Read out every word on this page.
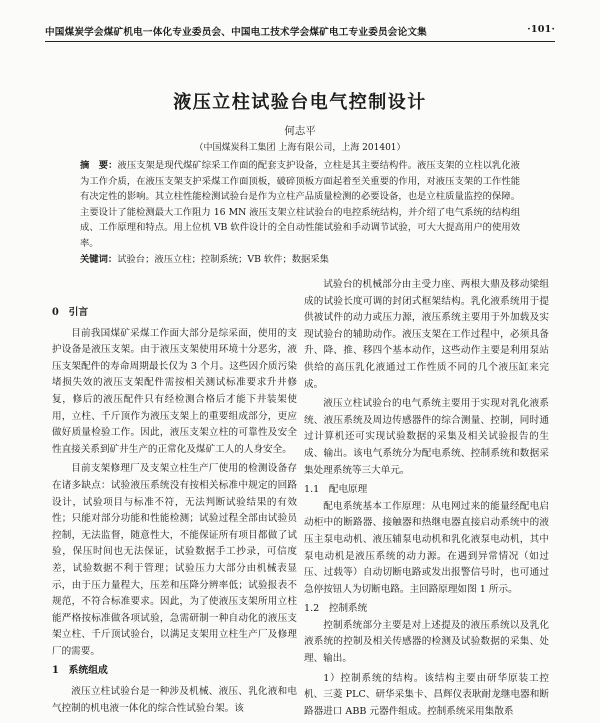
中国煤炭学会煤矿机电一体化专业委员会、中国电工技术学会煤矿电工专业委员会论文集	·101·
液压立柱试验台电气控制设计
何志平
（中国煤炭科工集团 上海有限公司，上海 201401）
摘　要：液压支架是现代煤矿综采工作面的配套支护设备，立柱是其主要结构件。液压支架的立柱以乳化液为工作介质，在液压支架支护采煤工作面顶板，破碎顶板方面起着至关重要的作用，对液压支架的工作性能有决定性的影响。其立柱性能检测试验台是作为立柱产品质量检测的必要设备，也是立柱质量监控的保障。主要设计了能检测最大工作阻力 16 MN 液压支架立柱试验台的电控系统结构，并介绍了电气系统的结构组成、工作原理和特点。用上位机 VB 软件设计的全自动性能试验和手动调节试验，可大大提高用户的使用效率。
关键词：试验台；液压立柱；控制系统；VB 软件；数据采集

0　引言

目前我国煤矿采煤工作面大部分是综采面，使用的支护设备是液压支架。由于液压支架使用环境十分恶劣，液压支架配件的寿命周期最长仅为 3 个月。这些因介质污染堵损失效的液压支架配件需按相关测试标准要求升井修复，修后的液压配件只有经检测合格后才能下井装架使用，立柱、千斤顶作为液压支架上的重要组成部分，更应做好质量检验工作。因此，液压支架立柱的可靠性及安全性直接关系到矿井生产的正常化及煤矿工人的人身安全。

目前支架修理厂及支架立柱生产厂使用的检测设备存在诸多缺点：试验液压系统没有按相关标准中规定的回路设计，试验项目与标准不符，无法判断试验结果的有效性；只能对部分功能和性能检测；试验过程全部由试验员控制，无法监督，随意性大，不能保证所有项目都做了试验，保压时间也无法保证，试验数据手工抄录，可信度差，试验数据不利于管理；试验压力大部分由机械表显示，由于压力量程大，压差和压降分辨率低；试验报表不规范，不符合标准要求。因此，为了使液压支架所用立柱能严格按标准做各项试验，急需研制一种自动化的液压支架立柱、千斤顶试验台，以满足支架用立柱生产厂及修理厂的需要。

1　系统组成

液压立柱试验台是一种涉及机械、液压、乳化液和电气控制的机电液一体化的综合性试验台架。该

试验台的机械部分由主受力座、两根大鼎及移动梁组成的试验长度可调的封闭式框架结构。乳化液系统用于提供被试件的动力或压力源，液压系统主要用于外加载及实现试验台的辅助动作。液压支架在工作过程中，必须具备升、降、推、移四个基本动作，这些动作主要是利用泵站供给的高压乳化液通过工作性质不同的几个液压缸来完成。

液压立柱试验台的电气系统主要用于实现对乳化液系统、液压系统及周边传感器件的综合测量、控制，同时通过计算机还可实现试验数据的采集及相关试验报告的生成、输出。该电气系统分为配电系统、控制系统和数据采集处理系统等三大单元。

1.1　配电原理

配电系统基本工作原理：从电网过来的能量经配电启动柜中的断路器、接触器和热继电器直接启动系统中的液压主泵电动机、液压辅泵电动机和乳化液泵电动机，其中泵电动机是液压系统的动力源。在遇到异常情况（如过压、过载等）自动切断电路或发出报警信号时，也可通过急停按钮人为切断电路。主回路原理如图 1 所示。

1.2　控制系统

控制系统部分主要是对上述提及的液压系统以及乳化液系统的控制及相关传感器的检测及试验数据的采集、处理、输出。

1）控制系统的结构。该结构主要由研华原装工控机、三菱 PLC、研华采集卡、昌辉仪表耿耐龙继电器和断路器进口 ABB 元器件组成。控制系统采用集散系
